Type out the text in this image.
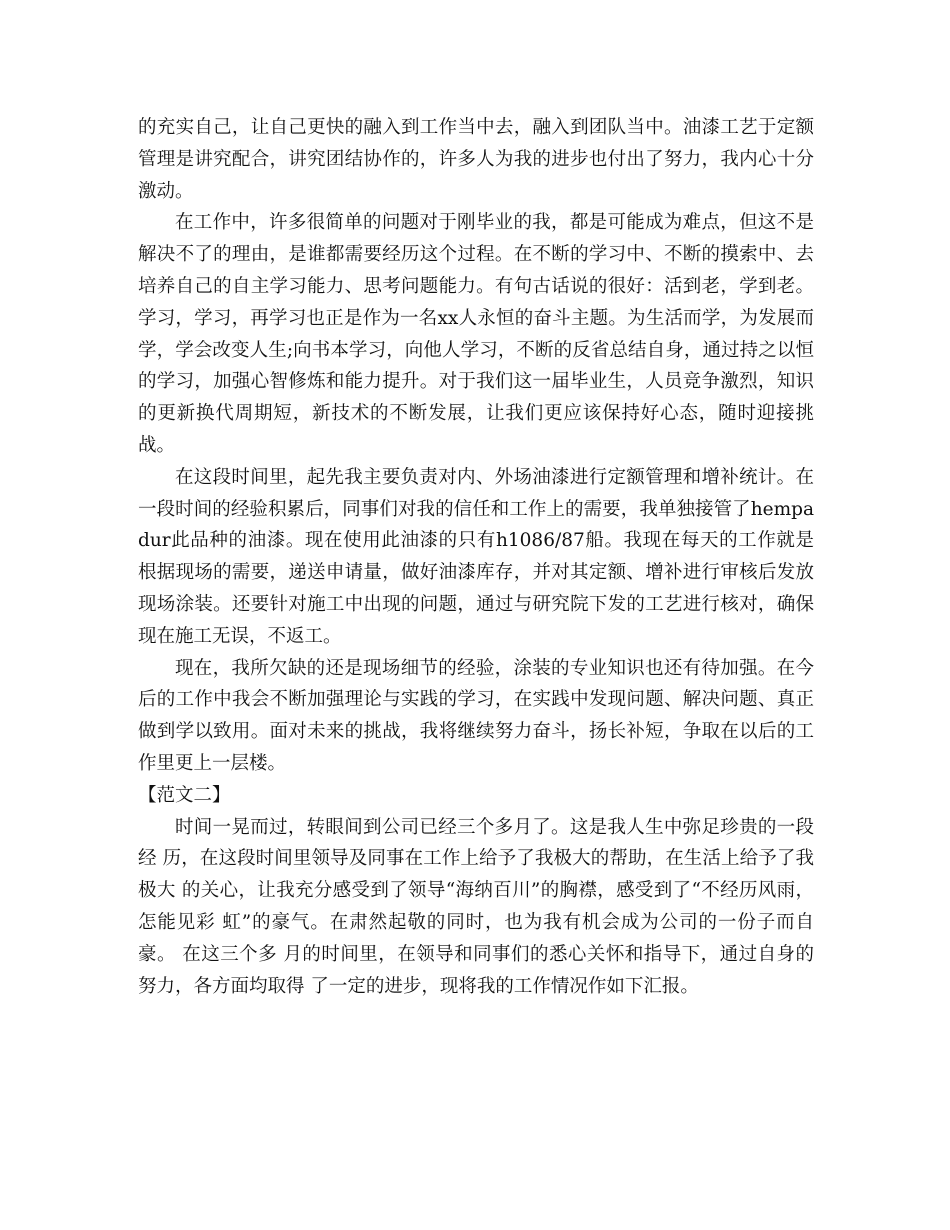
的充实自己，让自己更快的融入到工作当中去，融入到团队当中。油漆工艺于定额管理是讲究配合，讲究团结协作的，许多人为我的进步也付出了努力，我内心十分激动。

在工作中，许多很简单的问题对于刚毕业的我，都是可能成为难点，但这不是解决不了的理由，是谁都需要经历这个过程。在不断的学习中、不断的摸索中、去培养自己的自主学习能力、思考问题能力。有句古话说的很好：活到老，学到老。学习，学习，再学习也正是作为一名xx人永恒的奋斗主题。为生活而学，为发展而学，学会改变人生;向书本学习，向他人学习，不断的反省总结自身，通过持之以恒的学习，加强心智修炼和能力提升。对于我们这一届毕业生，人员竞争激烈，知识的更新换代周期短，新技术的不断发展，让我们更应该保持好心态，随时迎接挑战。

在这段时间里，起先我主要负责对内、外场油漆进行定额管理和增补统计。在一段时间的经验积累后，同事们对我的信任和工作上的需要，我单独接管了hempadur此品种的油漆。现在使用此油漆的只有h1086/87船。我现在每天的工作就是根据现场的需要，递送申请量，做好油漆库存，并对其定额、增补进行审核后发放现场涂装。还要针对施工中出现的问题，通过与研究院下发的工艺进行核对，确保现在施工无误，不返工。

现在，我所欠缺的还是现场细节的经验，涂装的专业知识也还有待加强。在今后的工作中我会不断加强理论与实践的学习，在实践中发现问题、解决问题、真正做到学以致用。面对未来的挑战，我将继续努力奋斗，扬长补短，争取在以后的工作里更上一层楼。

【范文二】

时间一晃而过，转眼间到公司已经三个多月了。这是我人生中弥足珍贵的一段经 历，在这段时间里领导及同事在工作上给予了我极大的帮助，在生活上给予了我极大 的关心，让我充分感受到了领导“海纳百川”的胸襟，感受到了“不经历风雨，怎能见彩 虹”的豪气。在肃然起敬的同时，也为我有机会成为公司的一份子而自豪。 在这三个多 月的时间里，在领导和同事们的悉心关怀和指导下，通过自身的努力，各方面均取得 了一定的进步，现将我的工作情况作如下汇报。
